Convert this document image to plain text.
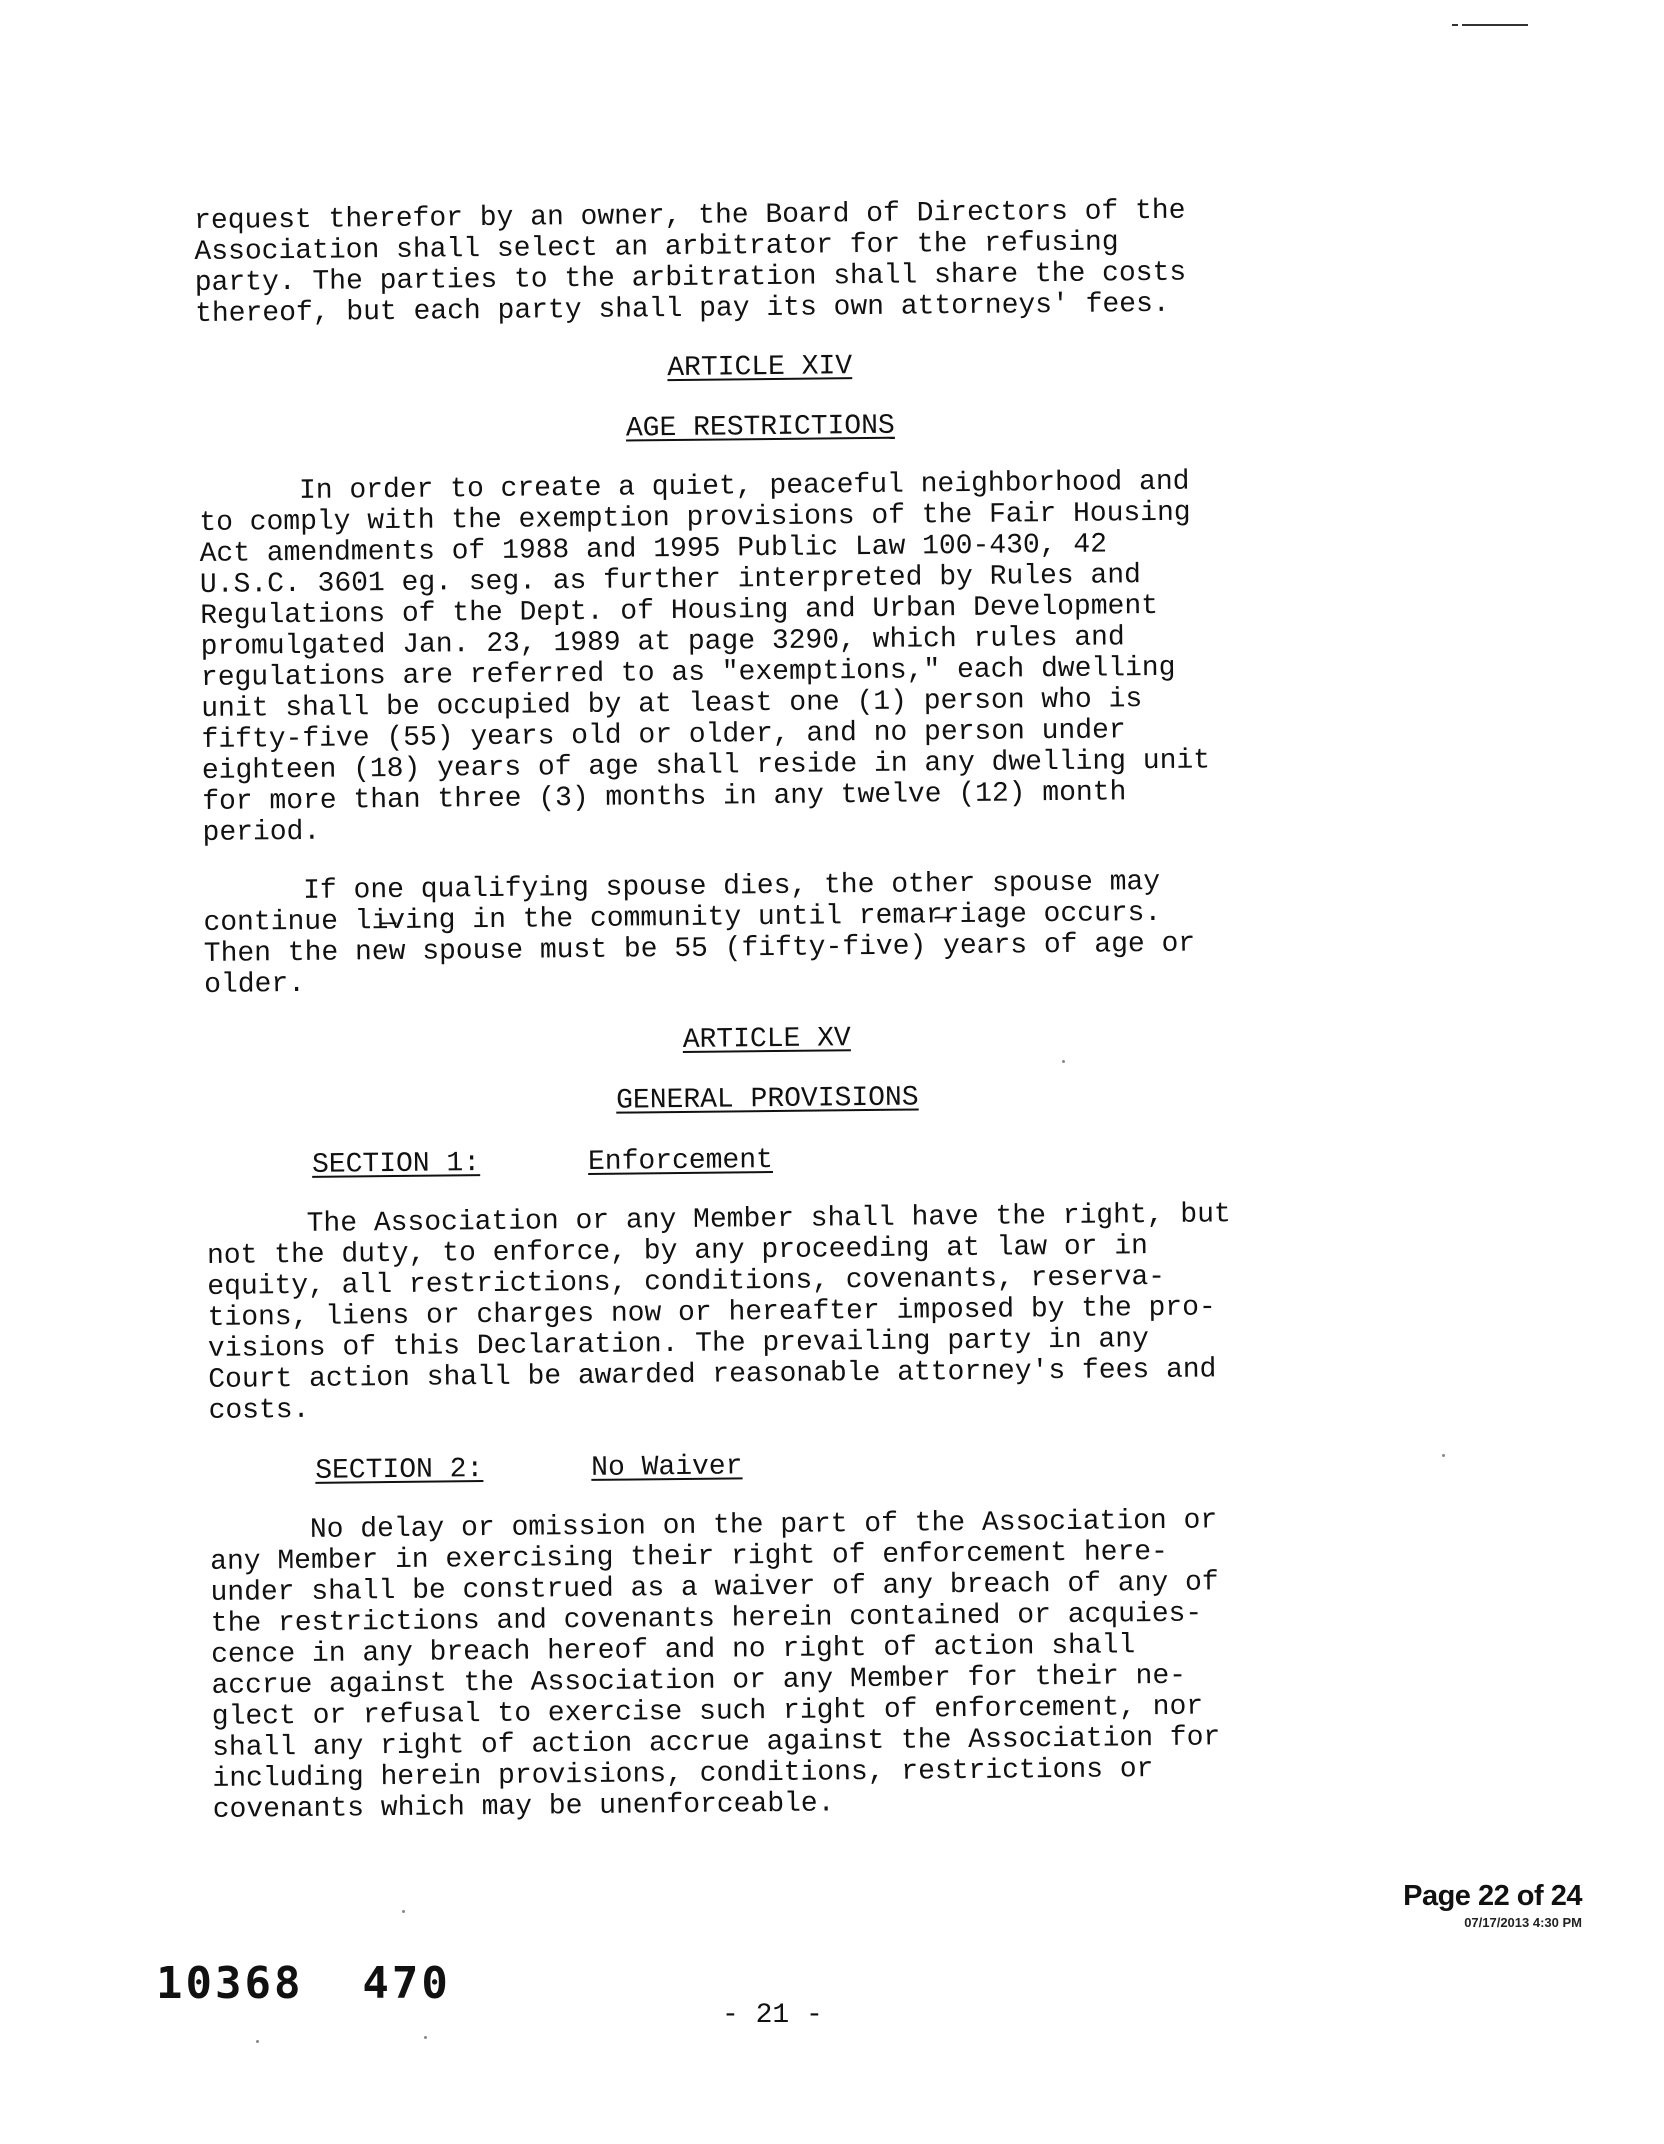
request therefor by an owner, the Board of Directors of the
Association shall select an arbitrator for the refusing
party. The parties to the arbitration shall share the costs
thereof, but each party shall pay its own attorneys' fees.

ARTICLE XIV

AGE RESTRICTIONS

In order to create a quiet, peaceful neighborhood and
to comply with the exemption provisions of the Fair Housing
Act amendments of 1988 and 1995 Public Law 100-430, 42
U.S.C. 3601 eg. seg. as further interpreted by Rules and
Regulations of the Dept. of Housing and Urban Development
promulgated Jan. 23, 1989 at page 3290, which rules and
regulations are referred to as "exemptions," each dwelling
unit shall be occupied by at least one (1) person who is
fifty-five (55) years old or older, and no person under
eighteen (18) years of age shall reside in any dwelling unit
for more than three (3) months in any twelve (12) month
period.

If one qualifying spouse dies, the other spouse may
continue li̶ving in the community until remar̶riage occurs.
Then the new spouse must be 55 (fifty-five) years of age or
older.

ARTICLE XV

GENERAL PROVISIONS

SECTION 1:	Enforcement

The Association or any Member shall have the right, but
not the duty, to enforce, by any proceeding at law or in
equity, all restrictions, conditions, covenants, reserva-
tions, liens or charges now or hereafter imposed by the pro-
visions of this Declaration. The prevailing party in any
Court action shall be awarded reasonable attorney's fees and
costs.

SECTION 2:	No Waiver

No delay or omission on the part of the Association or
any Member in exercising their right of enforcement here-
under shall be construed as a waiver of any breach of any of
the restrictions and covenants herein contained or acquies-
cence in any breach hereof and no right of action shall
accrue against the Association or any Member for their ne-
glect or refusal to exercise such right of enforcement, nor
shall any right of action accrue against the Association for
including herein provisions, conditions, restrictions or
covenants which may be unenforceable.

Page 22 of 24
07/17/2013 4:30 PM
10368  470
- 21 -
